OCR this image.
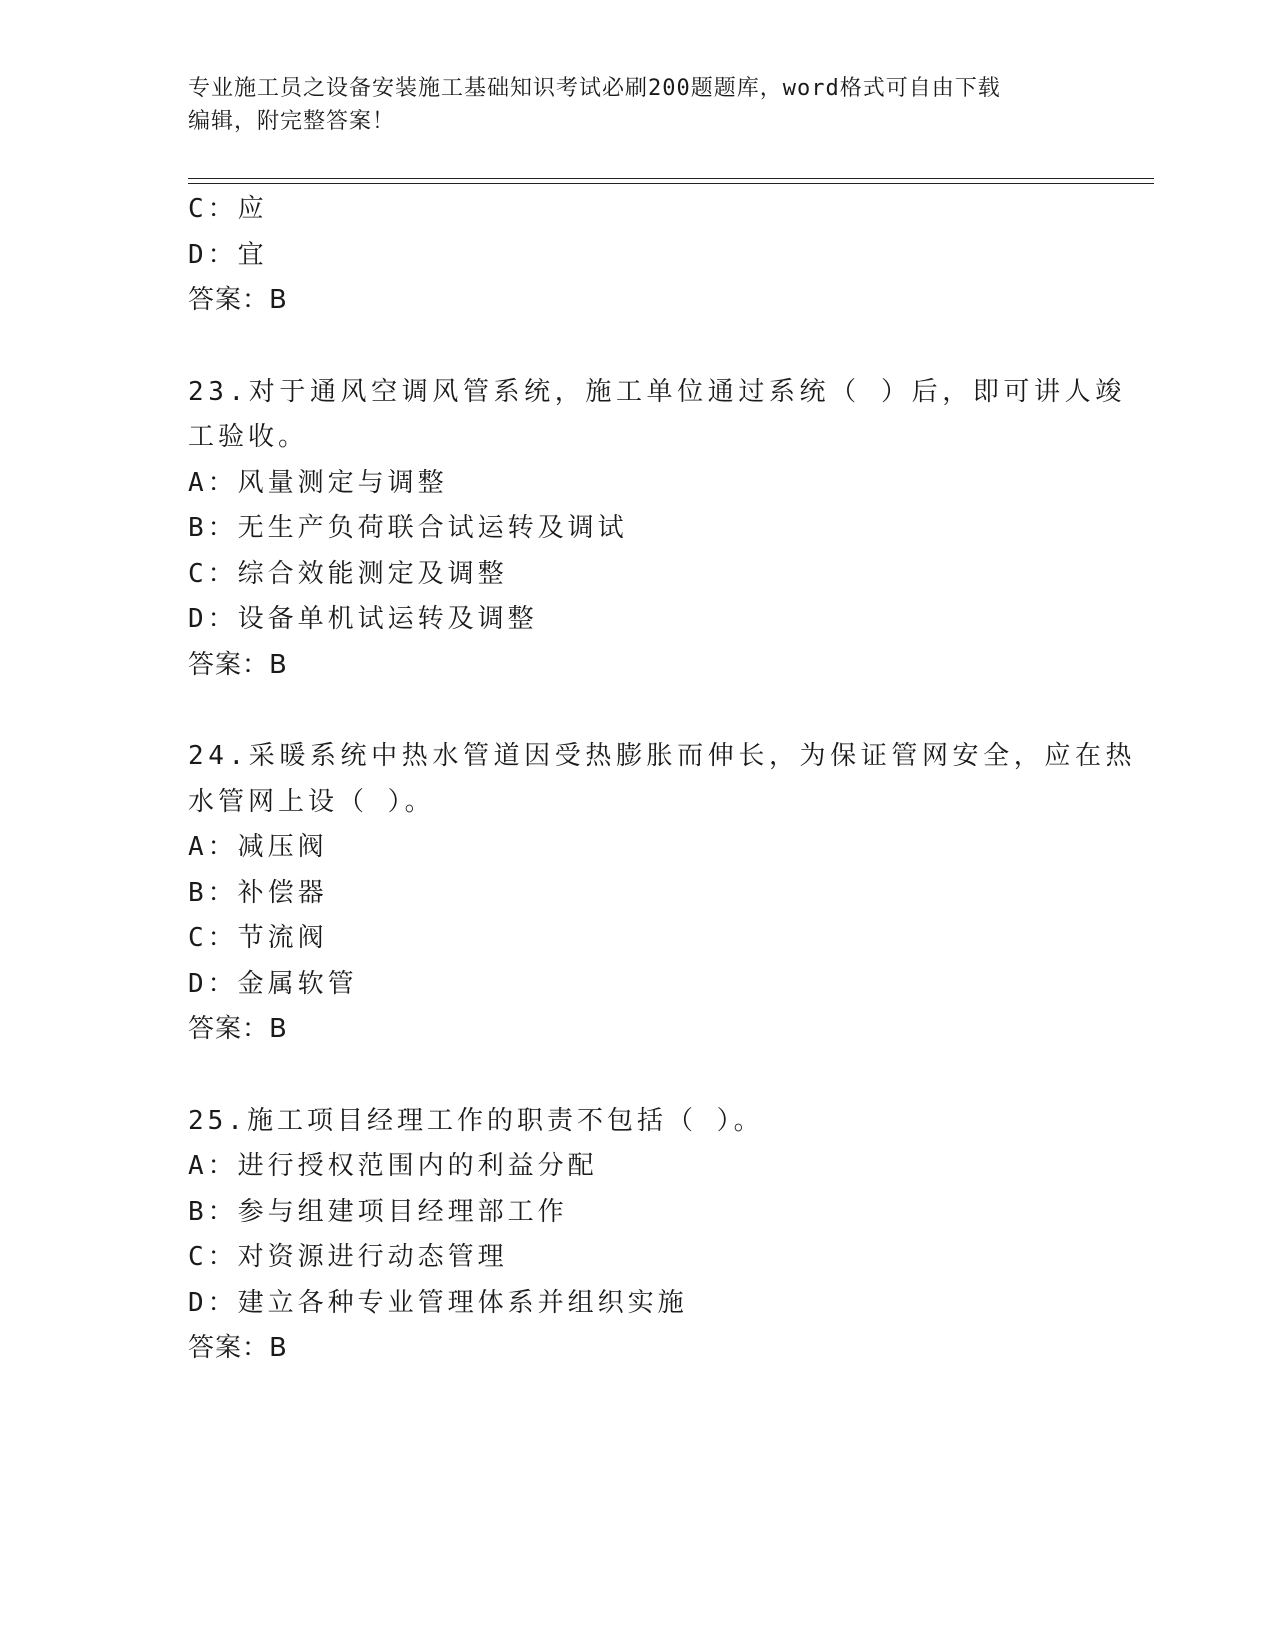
专业施工员之设备安装施工基础知识考试必刷200题题库，word格式可自由下载
编辑，附完整答案！
C：应
D：宜
答案：B
23.对于通风空调风管系统，施工单位通过系统（ ）后，即可讲人竣
工验收。
A：风量测定与调整
B：无生产负荷联合试运转及调试
C：综合效能测定及调整
D：设备单机试运转及调整
答案：B
24.采暖系统中热水管道因受热膨胀而伸长，为保证管网安全，应在热
水管网上设（ ）。
A：减压阀
B：补偿器
C：节流阀
D：金属软管
答案：B
25.施工项目经理工作的职责不包括（ ）。
A：进行授权范围内的利益分配
B：参与组建项目经理部工作
C：对资源进行动态管理
D：建立各种专业管理体系并组织实施
答案：B
